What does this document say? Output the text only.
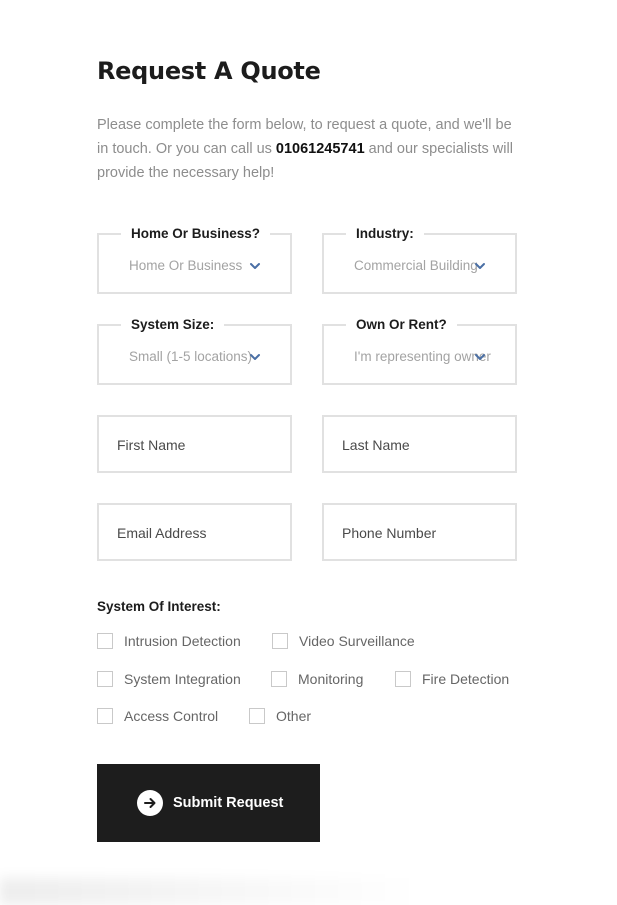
Request A Quote

Please complete the form below, to request a quote, and we'll be in touch. Or you can call us 01061245741 and our specialists will provide the necessary help!

Home Or Business?
Home Or Business
Industry:
Commercial Building
System Size:
Small (1-5 locations)
Own Or Rent?
I'm representing owner
First Name	Last Name
Email Address	Phone Number
System Of Interest:
Intrusion Detection	Video Surveillance
System Integration	Monitoring	Fire Detection
Access Control	Other
Submit Request
